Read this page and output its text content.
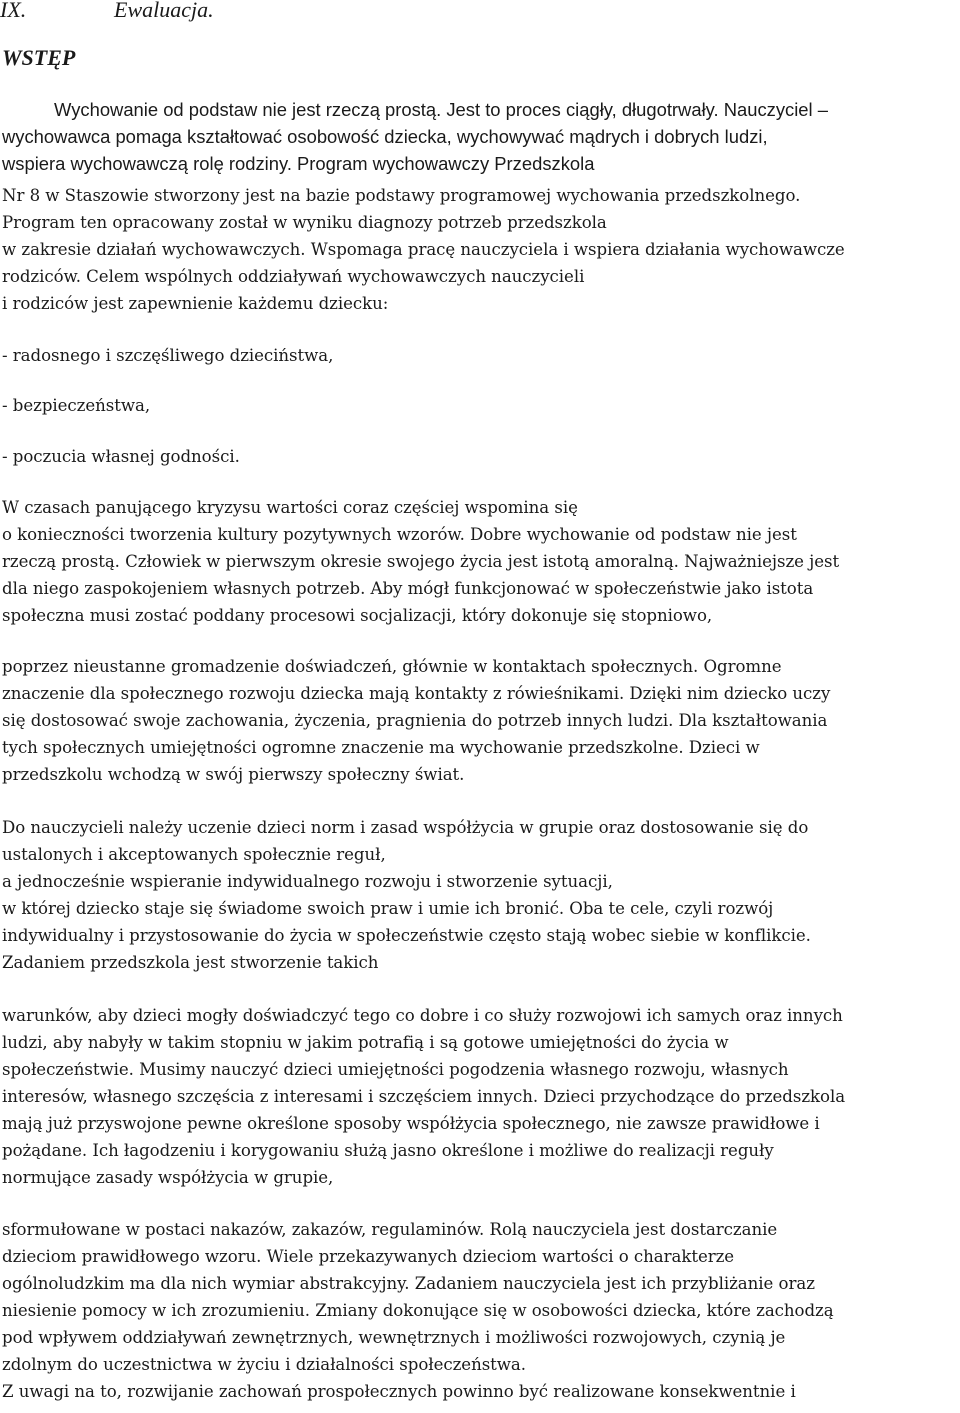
IX.	Ewaluacja.
WSTĘP
Wychowanie od podstaw nie jest rzeczą prostą. Jest to proces ciągły, długotrwały. Nauczyciel –
wychowawca pomaga kształtować osobowość dziecka, wychowywać mądrych i dobrych ludzi,
wspiera wychowawczą rolę rodziny. Program wychowawczy Przedszkola
Nr 8 w Staszowie stworzony jest na bazie podstawy programowej wychowania przedszkolnego.
Program ten opracowany został w wyniku diagnozy potrzeb przedszkola
w zakresie działań wychowawczych. Wspomaga pracę nauczyciela i wspiera działania wychowawcze
rodziców. Celem wspólnych oddziaływań wychowawczych nauczycieli
i rodziców jest zapewnienie każdemu dziecku:
- radosnego i szczęśliwego dzieciństwa,
- bezpieczeństwa,
- poczucia własnej godności.
W czasach panującego kryzysu wartości coraz częściej wspomina się
o konieczności tworzenia kultury pozytywnych wzorów. Dobre wychowanie od podstaw nie jest
rzeczą prostą. Człowiek w pierwszym okresie swojego życia jest istotą amoralną. Najważniejsze jest
dla niego zaspokojeniem własnych potrzeb. Aby mógł funkcjonować w społeczeństwie jako istota
społeczna musi zostać poddany procesowi socjalizacji, który dokonuje się stopniowo,
poprzez nieustanne gromadzenie doświadczeń, głównie w kontaktach społecznych. Ogromne
znaczenie dla społecznego rozwoju dziecka mają kontakty z rówieśnikami. Dzięki nim dziecko uczy
się dostosować swoje zachowania, życzenia, pragnienia do potrzeb innych ludzi. Dla kształtowania
tych społecznych umiejętności ogromne znaczenie ma wychowanie przedszkolne. Dzieci w
przedszkolu wchodzą w swój pierwszy społeczny świat.
Do nauczycieli należy uczenie dzieci norm i zasad współżycia w grupie oraz dostosowanie się do
ustalonych i akceptowanych społecznie reguł,
a jednocześnie wspieranie indywidualnego rozwoju i stworzenie sytuacji,
w której dziecko staje się świadome swoich praw i umie ich bronić. Oba te cele, czyli rozwój
indywidualny i przystosowanie do życia w społeczeństwie często stają wobec siebie w konflikcie.
Zadaniem przedszkola jest stworzenie takich
warunków, aby dzieci mogły doświadczyć tego co dobre i co służy rozwojowi ich samych oraz innych
ludzi, aby nabyły w takim stopniu w jakim potrafią i są gotowe umiejętności do życia w
społeczeństwie. Musimy nauczyć dzieci umiejętności pogodzenia własnego rozwoju, własnych
interesów, własnego szczęścia z interesami i szczęściem innych. Dzieci przychodzące do przedszkola
mają już przyswojone pewne określone sposoby współżycia społecznego, nie zawsze prawidłowe i
pożądane. Ich łagodzeniu i korygowaniu służą jasno określone i możliwe do realizacji reguły
normujące zasady współżycia w grupie,
sformułowane w postaci nakazów, zakazów, regulaminów. Rolą nauczyciela jest dostarczanie
dzieciom prawidłowego wzoru. Wiele przekazywanych dzieciom wartości o charakterze
ogólnoludzkim ma dla nich wymiar abstrakcyjny. Zadaniem nauczyciela jest ich przybliżanie oraz
niesienie pomocy w ich zrozumieniu. Zmiany dokonujące się w osobowości dziecka, które zachodzą
pod wpływem oddziaływań zewnętrznych, wewnętrznych i możliwości rozwojowych, czynią je
zdolnym do uczestnictwa w życiu i działalności społeczeństwa.
Z uwagi na to, rozwijanie zachowań prospołecznych powinno być realizowane konsekwentnie i
